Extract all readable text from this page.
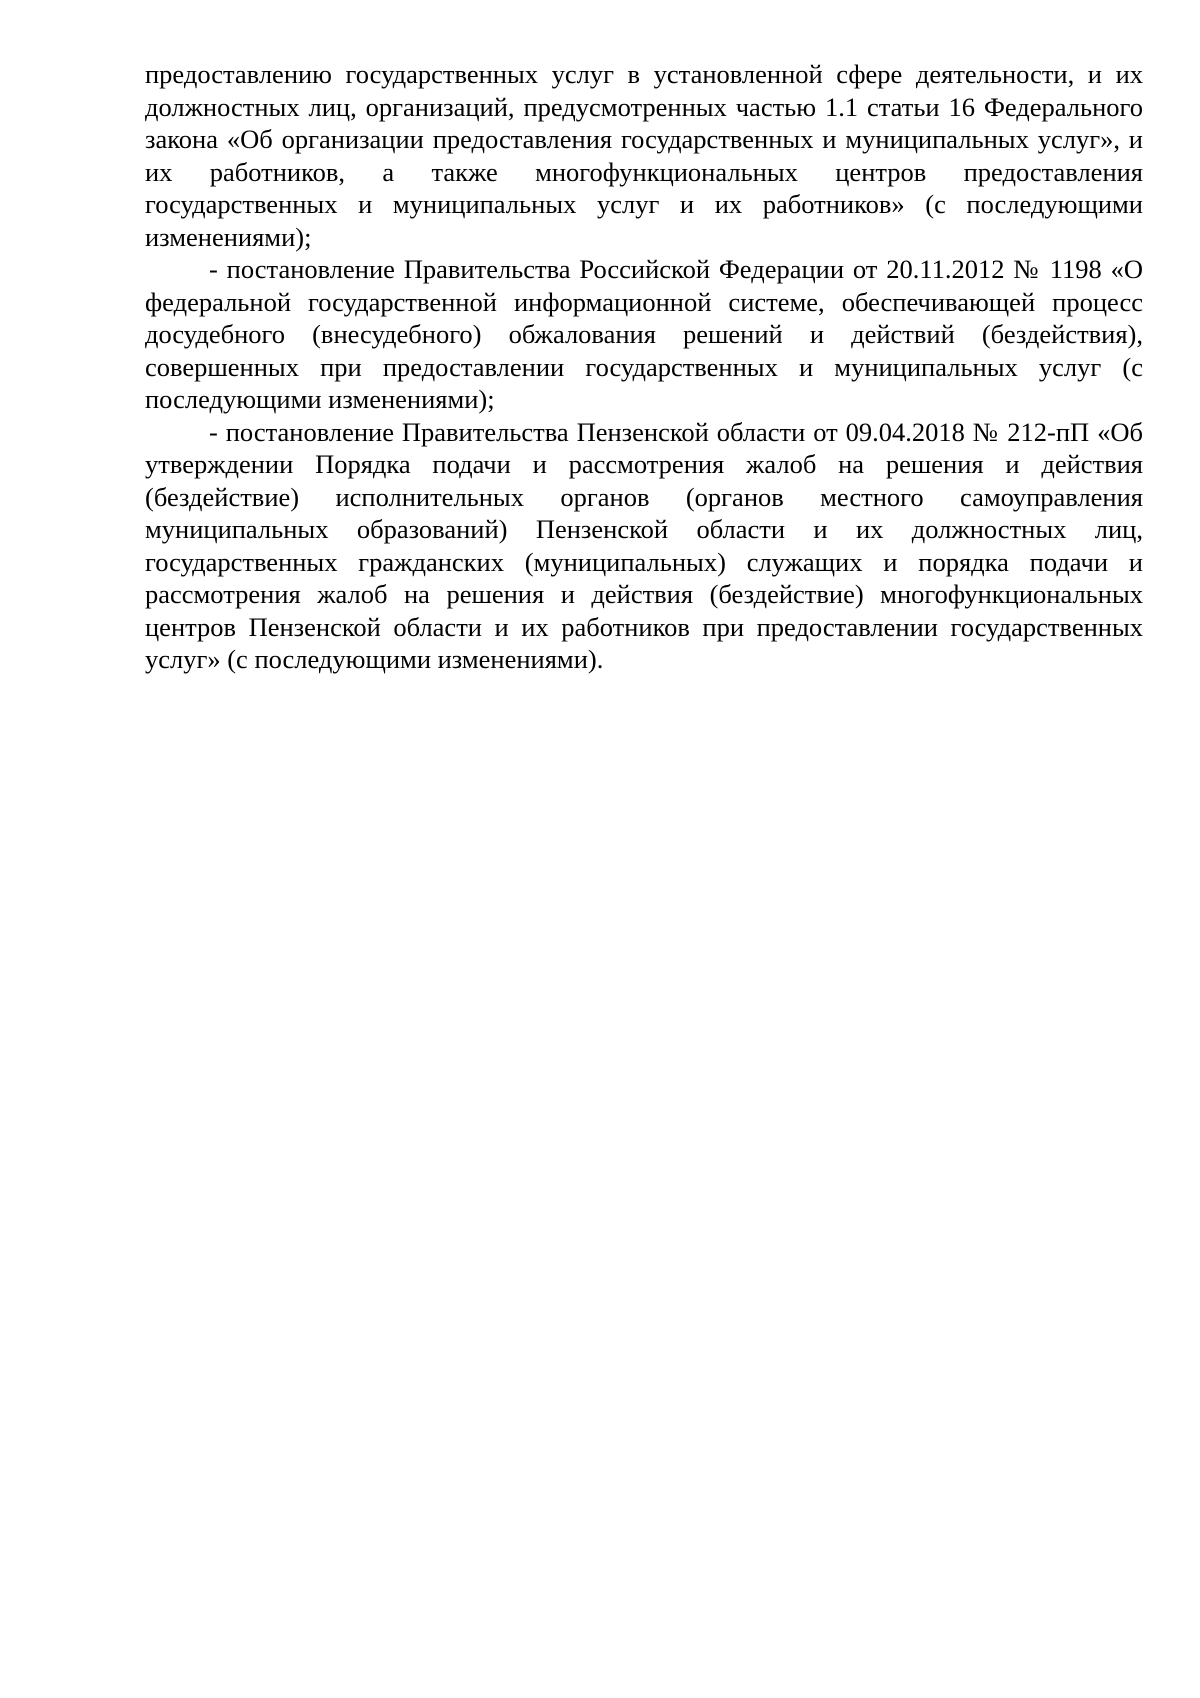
предоставлению государственных услуг в установленной сфере деятельности, и их должностных лиц, организаций, предусмотренных частью 1.1 статьи 16 Федерального закона «Об организации предоставления государственных и муниципальных услуг», и их работников, а также многофункциональных центров предоставления государственных и муниципальных услуг и их работников» (с последующими изменениями);

- постановление Правительства Российской Федерации от 20.11.2012 № 1198 «О федеральной государственной информационной системе, обеспечивающей процесс досудебного (внесудебного) обжалования решений и действий (бездействия), совершенных при предоставлении государственных и муниципальных услуг (с последующими изменениями);

- постановление Правительства Пензенской области от 09.04.2018 № 212-пП «Об утверждении Порядка подачи и рассмотрения жалоб на решения и действия (бездействие) исполнительных органов (органов местного самоуправления муниципальных образований) Пензенской области и их должностных лиц, государственных гражданских (муниципальных) служащих и порядка подачи и рассмотрения жалоб на решения и действия (бездействие) многофункциональных центров Пензенской области и их работников при предоставлении государственных услуг» (с последующими изменениями).
